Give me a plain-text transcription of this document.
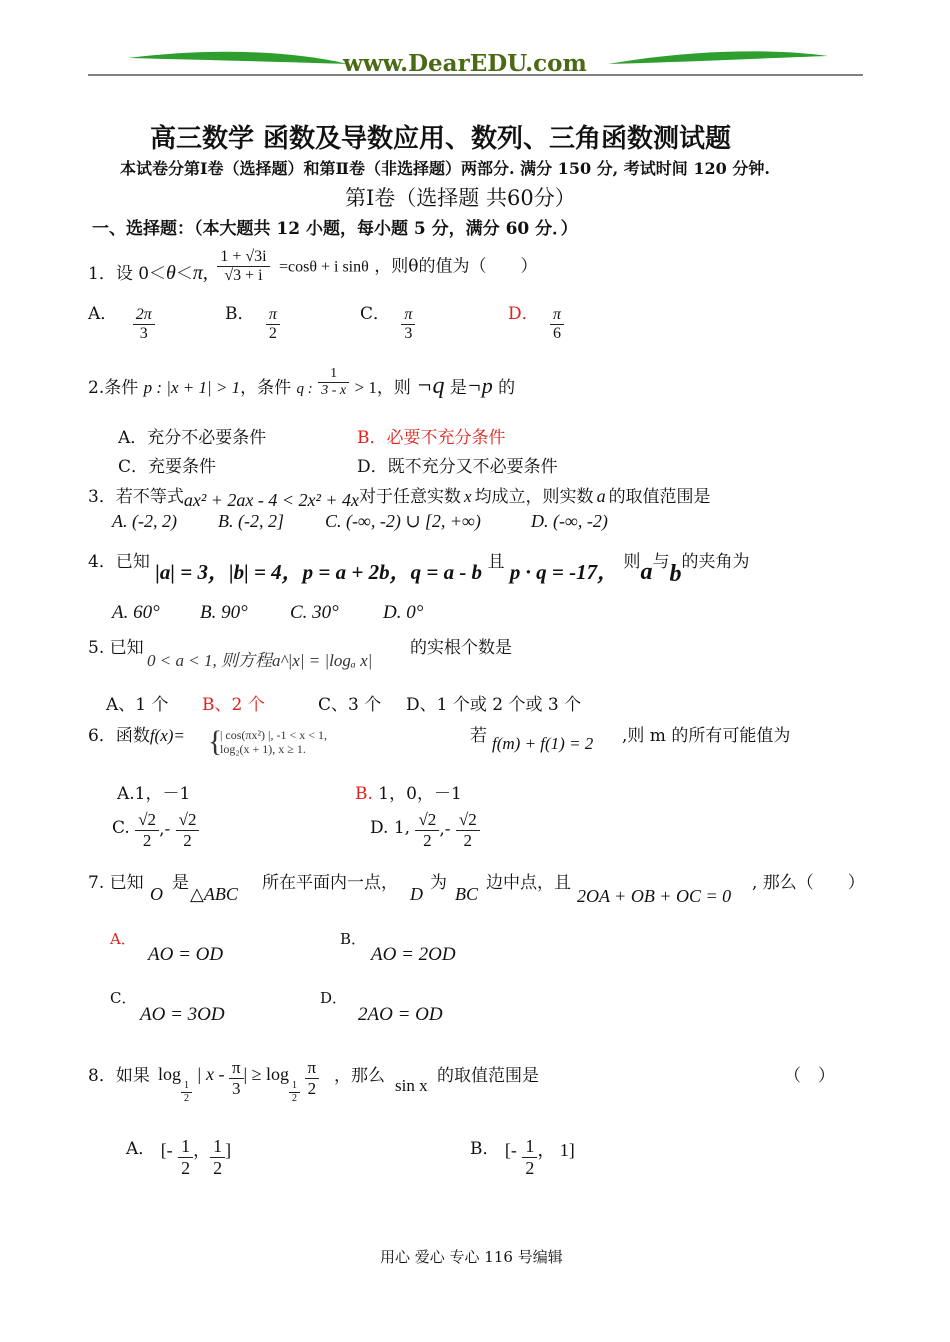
www.DearEDU.com
高三数学 函数及导数应用、数列、三角函数测试题
本试卷分第Ⅰ卷（选择题）和第Ⅱ卷（非选择题）两部分. 满分 150 分, 考试时间 120 分钟.
第Ⅰ卷（选择题 共60分）
一、选择题：（本大题共 12 小题，每小题 5 分，满分 60 分．）
1．设 0＜θ＜π, $\frac{1 + √3i}{√3 + i} =\cos\theta + i$ sinθ ，则θ的值为（　　）
A． $\frac{2\pi}{3}$	B． $\frac{\pi}{2}$	C． $\frac{\pi}{3}$	D． $\frac{\pi}{6}$
2.条件 p : |x + 1| > 1，条件 q : $\frac{1}{3 - x} > 1$，则 ¬q 是¬p 的
A．充分不必要条件	B．必要不充分条件
C．充要条件	D．既不充分又不必要条件
3．若不等式ax² + 2ax - 4 < 2x² + 4x对于任意实数 x 均成立，则实数 a 的取值范围是
A. (-2, 2) B. (-2, 2] C. (-∞, -2) ∪ [2, +∞)	D. (-∞, -2)
4．已知 |a| = 3，|b| = 4，p = a + 2b，q = a - b 且 p · q = -17， 则a与b的夹角为
A. 60° B. 90° C. 30° D. 0°
5. 已知
0 < a < 1, 则方程a^|x| = |logₐ x|
的实根个数是
A、1 个 B、2 个	C、3 个 D、1 个或 2 个或 3 个
6．函数f(x)= {
| cos(πx²) |, -1 < x < 1,
log₂(x + 1), x ≥ 1.
若 f(m) + f(1) = 2 ,则 m 的所有可能值为
A.1，－1	B. 1，0，－1
C. $\frac{√2}{2}$ ,- $\frac{√2}{2}$	D. 1, $\frac{√2}{2}$ ,- $\frac{√2}{2}$
7. 已知
O
是
△ABC
所在平面内一点，
D
为
BC
边中点，且
2OA + OB + OC = 0
, 那么（　　）
A．
AO = OD
B．
AO = 2OD
C．
AO = 3OD
D．
2AO = OD
8．如果 log
$\frac{1}{2}$
| x - $\frac{\pi}{3}$ | ≥ log
$\frac{1}{2}$
$\frac{\pi}{2}$ ，那么 sin x 的取值范围是	（　）
A． [- $\frac{1}{2}$ ， $\frac{1}{2}$ ]	B． [- $\frac{1}{2}$ ， 1]
用心 爱心 专心 116 号编辑
